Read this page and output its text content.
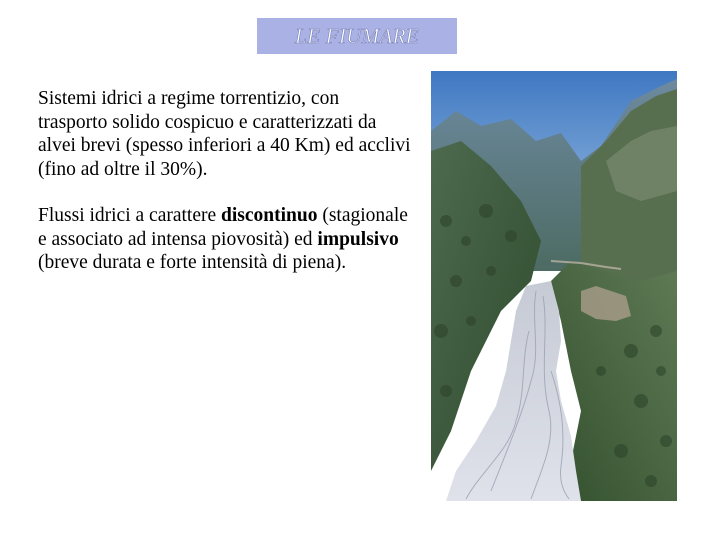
LE FIUMARE

Sistemi idrici a regime torrentizio, con trasporto solido cospicuo e caratterizzati da alvei brevi (spesso inferiori a 40 Km) ed acclivi (fino ad oltre il 30%).

Flussi idrici a carattere discontinuo (stagionale e associato ad intensa piovosità) ed impulsivo (breve durata e forte intensità di piena).
